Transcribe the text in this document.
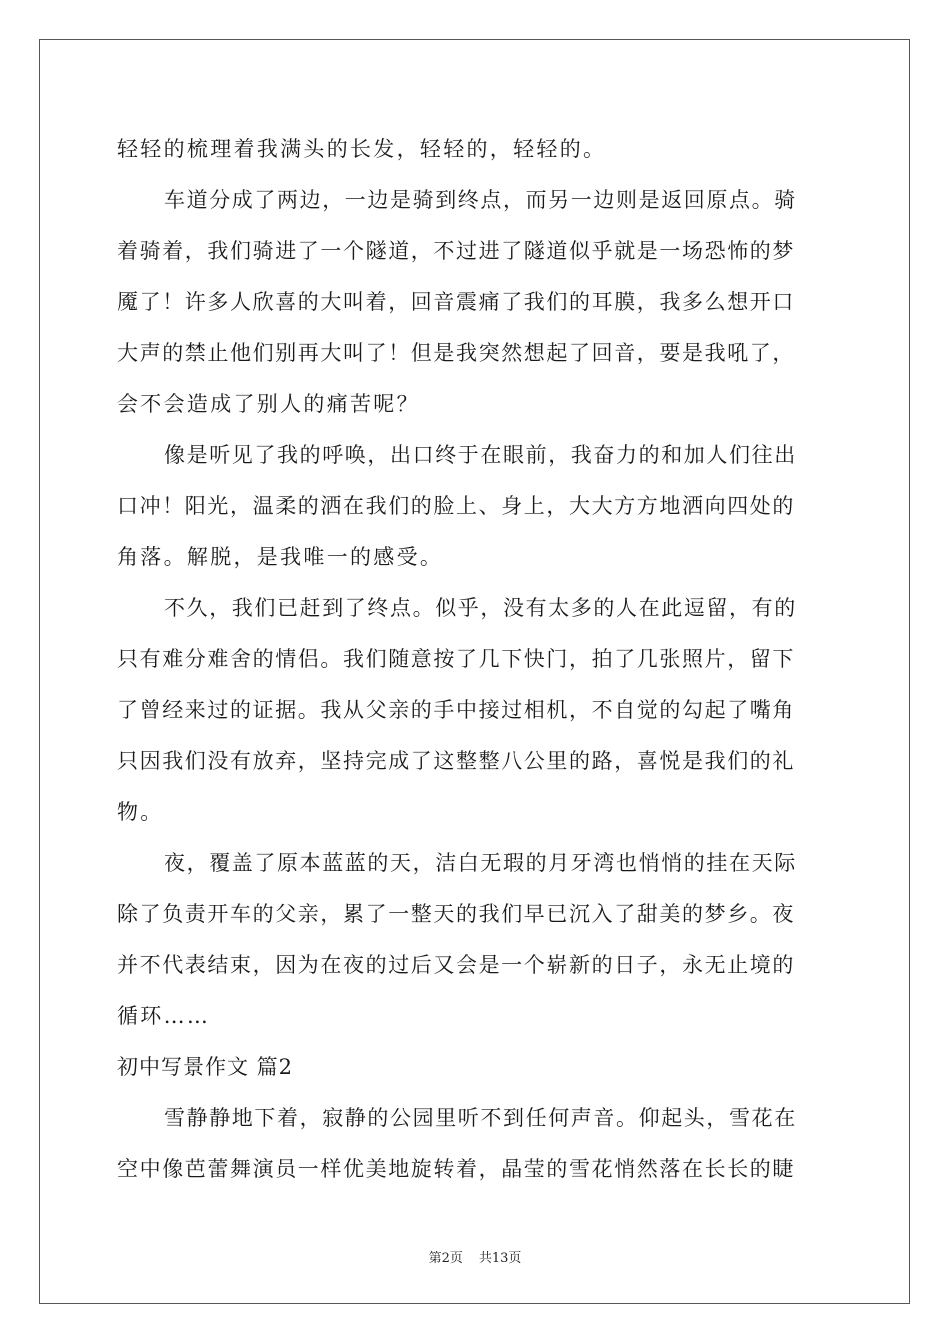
轻轻的梳理着我满头的长发，轻轻的，轻轻的。
车道分成了两边，一边是骑到终点，而另一边则是返回原点。骑
着骑着，我们骑进了一个隧道，不过进了隧道似乎就是一场恐怖的梦
魇了！许多人欣喜的大叫着，回音震痛了我们的耳膜，我多么想开口
大声的禁止他们别再大叫了！但是我突然想起了回音，要是我吼了，
会不会造成了别人的痛苦呢？
像是听见了我的呼唤，出口终于在眼前，我奋力的和加人们往出
口冲！阳光，温柔的洒在我们的脸上、身上，大大方方地洒向四处的
角落。解脱，是我唯一的感受。
不久，我们已赶到了终点。似乎，没有太多的人在此逗留，有的
只有难分难舍的情侣。我们随意按了几下快门，拍了几张照片，留下
了曾经来过的证据。我从父亲的手中接过相机，不自觉的勾起了嘴角
只因我们没有放弃，坚持完成了这整整八公里的路，喜悦是我们的礼
物。
夜，覆盖了原本蓝蓝的天，洁白无瑕的月牙湾也悄悄的挂在天际
除了负责开车的父亲，累了一整天的我们早已沉入了甜美的梦乡。夜
并不代表结束，因为在夜的过后又会是一个崭新的日子，永无止境的
循环……
初中写景作文 篇2
雪静静地下着，寂静的公园里听不到任何声音。仰起头，雪花在
空中像芭蕾舞演员一样优美地旋转着，晶莹的雪花悄然落在长长的睫
第2页 共13页
